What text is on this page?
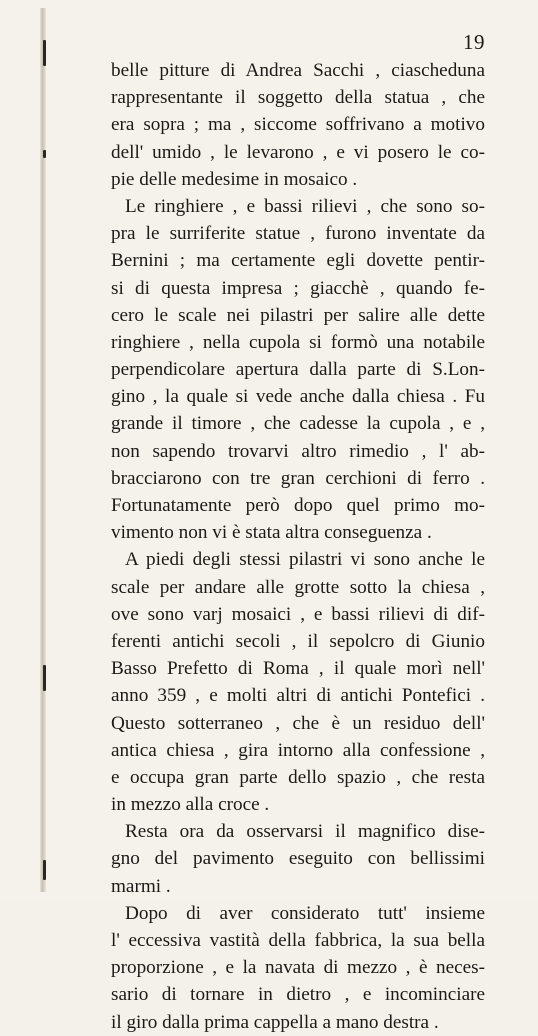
19
belle pitture di Andrea Sacchi , ciascheduna
rappresentante il soggetto della statua , che
era sopra ; ma , siccome soffrivano a motivo
dell' umido , le levarono , e vi posero le co-
pie delle medesime in mosaico .
Le ringhiere , e bassi rilievi , che sono so-
pra le surriferite statue , furono inventate da
Bernini ; ma certamente egli dovette pentir-
si di questa impresa ; giacchè , quando fe-
cero le scale nei pilastri per salire alle dette
ringhiere , nella cupola si formò una notabile
perpendicolare apertura dalla parte di S.Lon-
gino , la quale si vede anche dalla chiesa . Fu
grande il timore , che cadesse la cupola , e ,
non sapendo trovarvi altro rimedio , l' ab-
bracciarono con tre gran cerchioni di ferro .
Fortunatamente però dopo quel primo mo-
vimento non vi è stata altra conseguenza .
A piedi degli stessi pilastri vi sono anche le
scale per andare alle grotte sotto la chiesa ,
ove sono varj mosaici , e bassi rilievi di dif-
ferenti antichi secoli , il sepolcro di Giunio
Basso Prefetto di Roma , il quale morì nell'
anno 359 , e molti altri di antichi Pontefici .
Questo sotterraneo , che è un residuo dell'
antica chiesa , gira intorno alla confessione ,
e occupa gran parte dello spazio , che resta
in mezzo alla croce .
Resta ora da osservarsi il magnifico dise-
gno del pavimento eseguito con bellissimi
marmi .
Dopo di aver considerato tutt' insieme
l' eccessiva vastità della fabbrica, la sua bella
proporzione , e la navata di mezzo , è neces-
sario di tornare in dietro , e incominciare
il giro dalla prima cappella a mano destra .
